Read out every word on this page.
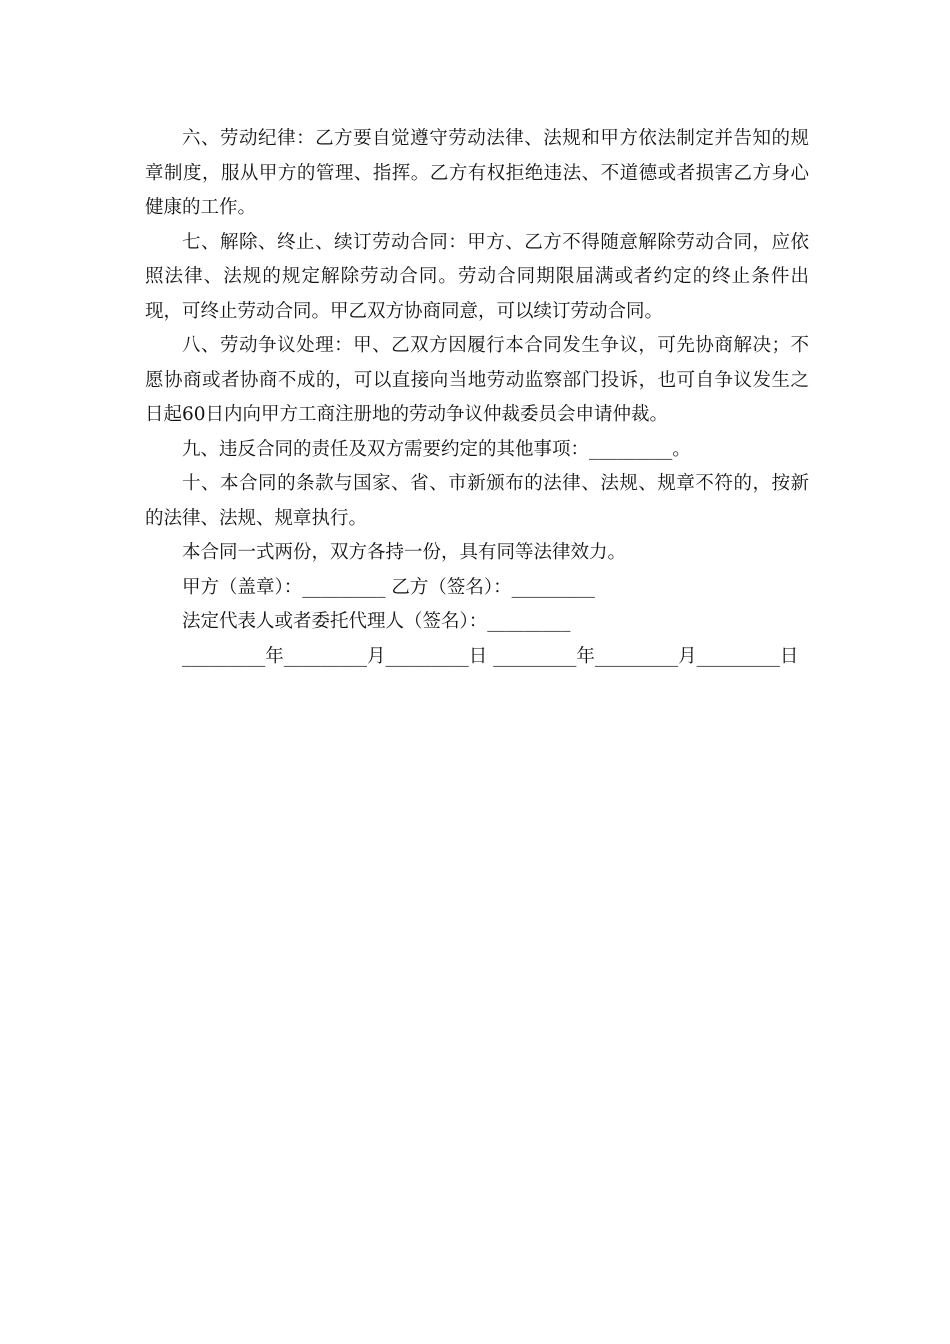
六、劳动纪律：乙方要自觉遵守劳动法律、法规和甲方依法制定并告知的规章制度，服从甲方的管理、指挥。乙方有权拒绝违法、不道德或者损害乙方身心健康的工作。

七、解除、终止、续订劳动合同：甲方、乙方不得随意解除劳动合同，应依照法律、法规的规定解除劳动合同。劳动合同期限届满或者约定的终止条件出现，可终止劳动合同。甲乙双方协商同意，可以续订劳动合同。

八、劳动争议处理：甲、乙双方因履行本合同发生争议，可先协商解决；不愿协商或者协商不成的，可以直接向当地劳动监察部门投诉，也可自争议发生之日起60日内向甲方工商注册地的劳动争议仲裁委员会申请仲裁。

九、违反合同的责任及双方需要约定的其他事项：_________。

十、本合同的条款与国家、省、市新颁布的法律、法规、规章不符的，按新的法律、法规、规章执行。

本合同一式两份，双方各持一份，具有同等法律效力。

甲方（盖章）：_________ 乙方（签名）：_________

法定代表人或者委托代理人（签名）：_________

_________年_________月_________日 _________年_________月_________日
